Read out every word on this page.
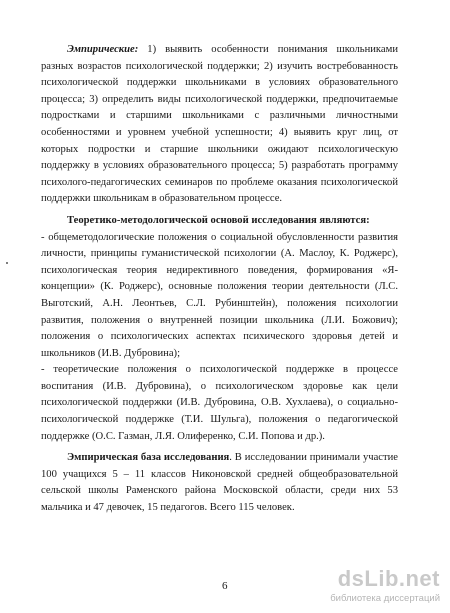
Эмпирические: 1) выявить особенности понимания школьниками разных возрастов психологической поддержки; 2) изучить востребованность психологической поддержки школьниками в условиях образовательного процесса; 3) определить виды психологической поддержки, предпочитаемые подростками и старшими школьниками с различными личностными особенностями и уровнем учебной успешности; 4) выявить круг лиц, от которых подростки и старшие школьники ожидают психологическую поддержку в условиях образовательного процесса; 5) разработать программу психолого-педагогических семинаров по проблеме оказания психологической поддержки школьникам в образовательном процессе.

Теоретико-методологической основой исследования являются:

- общеметодологические положения о социальной обусловленности развития личности, принципы гуманистической психологии (А. Маслоу, К. Роджерс), психологическая теория недирективного поведения, формирования «Я-концепции» (К. Роджерс), основные положения теории деятельности (Л.С. Выготский, А.Н. Леонтьев, С.Л. Рубинштейн), положения психологии развития, положения о внутренней позиции школьника (Л.И. Божович); положения о психологических аспектах психического здоровья детей и школьников (И.В. Дубровина);

- теоретические положения о психологической поддержке в процессе воспитания (И.В. Дубровина), о психологическом здоровье как цели психологической поддержки (И.В. Дубровина, О.В. Хухлаева), о социально-психологической поддержке (Т.И. Шульга), положения о педагогической поддержке (О.С. Газман, Л.Я. Олиференко, С.И. Попова и др.).

Эмпирическая база исследования. В исследовании принимали участие 100 учащихся 5 – 11 классов Никоновской средней общеобразовательной сельской школы Раменского района Московской области, среди них 53 мальчика и 47 девочек, 15 педагогов. Всего 115 человек.

6	dsLib.net
библиотека диссертаций
